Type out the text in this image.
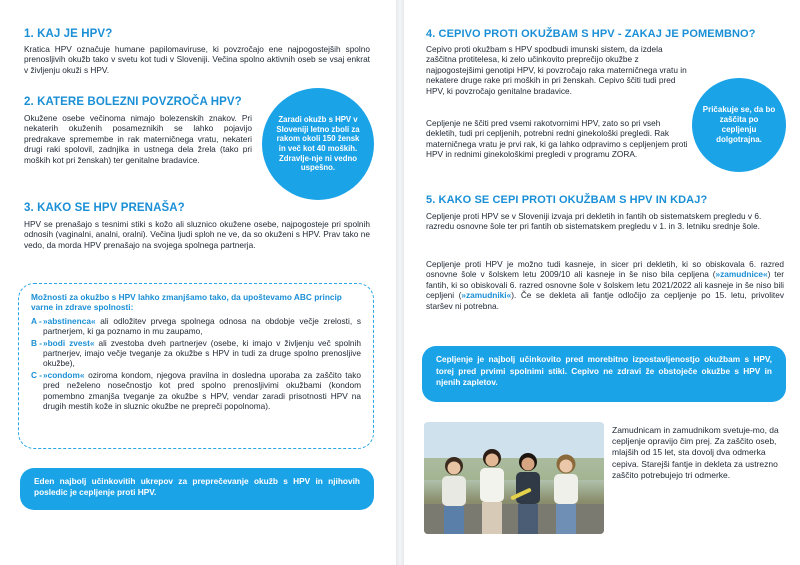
1. KAJ JE HPV?

Kratica HPV označuje humane papilomaviruse, ki povzročajo ene najpogostejših spolno prenosljivih okužb tako v svetu kot tudi v Sloveniji. Večina spolno aktivnih oseb se vsaj enkrat v življenju okuži s HPV.

2. KATERE BOLEZNI POVZROČA HPV?

Okužene osebe večinoma nimajo bolezenskih znakov. Pri nekaterih okuženih posameznikih se lahko pojavijo predrakave spremembe in rak materničnega vratu, nekateri drugi raki spolovil, zadnjika in ustnega dela žrela (tako pri moških kot pri ženskah) ter genitalne bradavice.

Zaradi okužb s HPV v Sloveniji letno zboli za rakom okoli 150 žensk in več kot 40 moških. Zdravlje-nje ni vedno uspešno.
3. KAKO SE HPV PRENAŠA?

HPV se prenašajo s tesnimi stiki s kožo ali sluznico okužene osebe, najpogosteje pri spolnih odnosih (vaginalni, analni, oralni). Večina ljudi sploh ne ve, da so okuženi s HPV. Prav tako ne vedo, da morda HPV prenašajo na svojega spolnega partnerja.

Možnosti za okužbo s HPV lahko zmanjšamo tako, da upoštevamo ABC princip varne in zdrave spolnosti:

A - »abstinenca« ali odložitev prvega spolnega odnosa na obdobje večje zrelosti, s partnerjem, ki ga poznamo in mu zaupamo,

B - »bodi zvest« ali zvestoba dveh partnerjev (osebe, ki imajo v življenju več spolnih partnerjev, imajo večje tveganje za okužbe s HPV in tudi za druge spolno prenosljive okužbe),

C - »condom« oziroma kondom, njegova pravilna in dosledna uporaba za zaščito tako pred neželeno nosečnostjo kot pred spolno prenosljivimi okužbami (kondom pomembno zmanjša tveganje za okužbe s HPV, vendar zaradi prisotnosti HPV na drugih mestih kože in sluznic okužbe ne prepreči popolnoma).

Eden najbolj učinkovitih ukrepov za preprečevanje okužb s HPV in njihovih posledic je cepljenje proti HPV.
4. CEPIVO PROTI OKUŽBAM S HPV - ZAKAJ JE POMEMBNO?

Cepivo proti okužbam s HPV spodbudi imunski sistem, da izdela zaščitna protitelesa, ki zelo učinkovito preprečijo okužbe z najpogostejšimi genotipi HPV, ki povzročajo raka materničnega vratu in nekatere druge rake pri moških in pri ženskah. Cepivo ščiti tudi pred HPV, ki povzročajo genitalne bradavice.

Pričakuje se, da bo zaščita po cepljenju dolgotrajna.

Cepljenje ne ščiti pred vsemi rakotvornimi HPV, zato so pri vseh dekletih, tudi pri cepljenih, potrebni redni ginekološki pregledi. Rak materničnega vratu je prvi rak, ki ga lahko odpravimo s cepljenjem proti HPV in rednimi ginekološkimi pregledi v programu ZORA.

5. KAKO SE CEPI PROTI OKUŽBAM S HPV IN KDAJ?

Cepljenje proti HPV se v Sloveniji izvaja pri dekletih in fantih ob sistematskem pregledu v 6. razredu osnovne šole ter pri fantih ob sistematskem pregledu v 1. in 3. letniku srednje šole.

Cepljenje proti HPV je možno tudi kasneje, in sicer pri dekletih, ki so obiskovala 6. razred osnovne šole v šolskem letu 2009/10 ali kasneje in še niso bila cepljena (»zamudnice«) ter fantih, ki so obiskovali 6. razred osnovne šole v šolskem letu 2021/2022 ali kasneje in še niso bili cepljeni (»zamudniki«). Če se dekleta ali fantje odločijo za cepljenje po 15. letu, privolitev staršev ni potrebna.

Cepljenje je najbolj učinkovito pred morebitno izpostavljenostjo okužbam s HPV, torej pred prvimi spolnimi stiki. Cepivo ne zdravi že obstoječe okužbe s HPV in njenih zapletov.

Zamudnicam in zamudnikom svetuje-mo, da cepljenje opravijo čim prej. Za zaščito oseb, mlajših od 15 let, sta dovolj dva odmerka cepiva. Starejši fantje in dekleta za ustrezno zaščito potrebujejo tri odmerke.
